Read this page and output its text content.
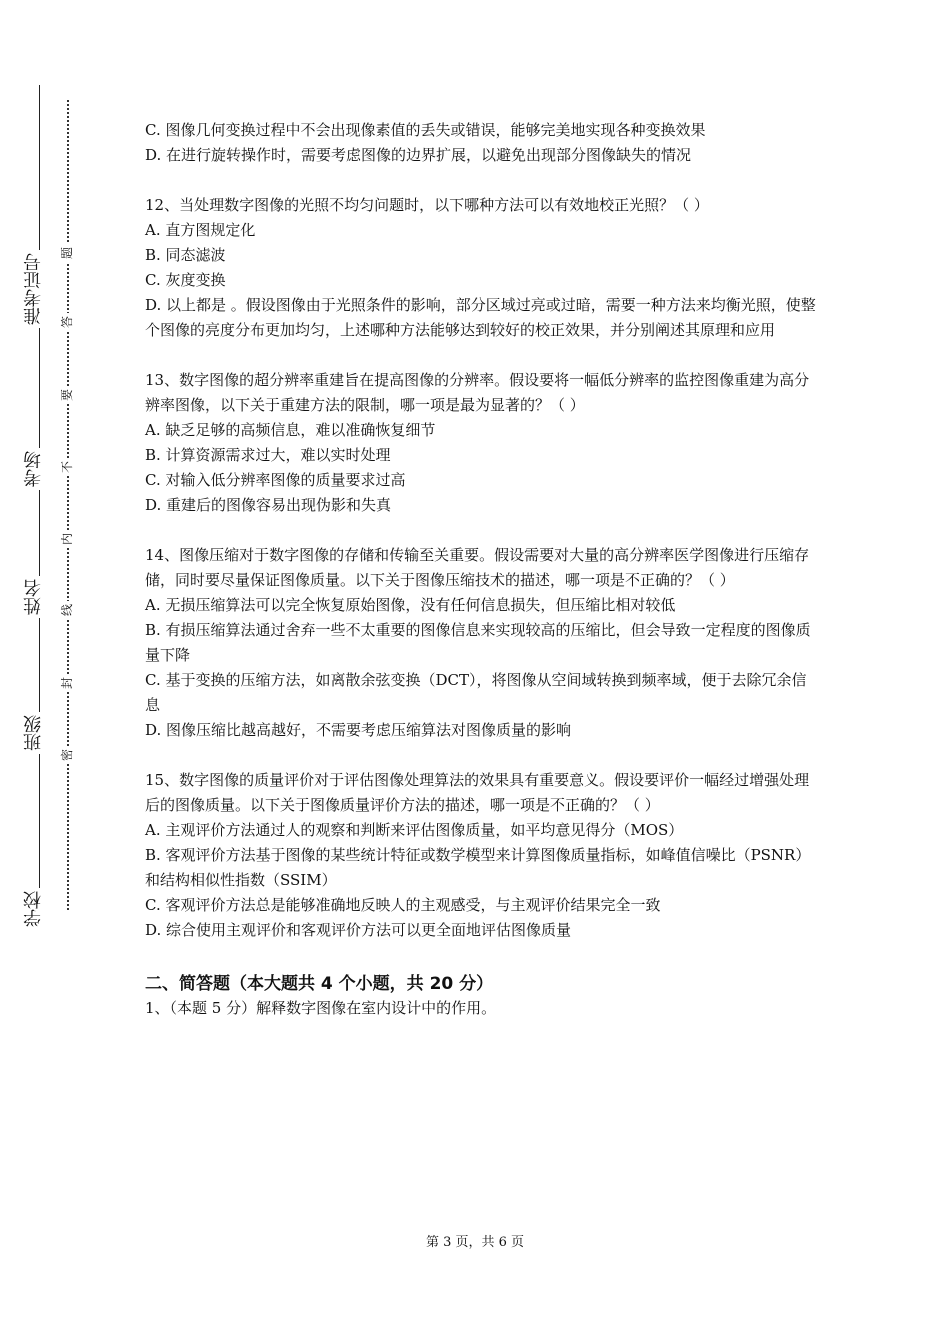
准考证号
考场
姓名
班级
学校
题
答
要
不
内
线
封
密
C. 图像几何变换过程中不会出现像素值的丢失或错误，能够完美地实现各种变换效果
D. 在进行旋转操作时，需要考虑图像的边界扩展，以避免出现部分图像缺失的情况
12、当处理数字图像的光照不均匀问题时，以下哪种方法可以有效地校正光照？（ ）
A. 直方图规定化
B. 同态滤波
C. 灰度变换
D. 以上都是 。假设图像由于光照条件的影响，部分区域过亮或过暗，需要一种方法来均衡光照，使整个图像的亮度分布更加均匀，上述哪种方法能够达到较好的校正效果，并分别阐述其原理和应用
13、数字图像的超分辨率重建旨在提高图像的分辨率。假设要将一幅低分辨率的监控图像重建为高分辨率图像，以下关于重建方法的限制，哪一项是最为显著的？（ ）
A. 缺乏足够的高频信息，难以准确恢复细节
B. 计算资源需求过大，难以实时处理
C. 对输入低分辨率图像的质量要求过高
D. 重建后的图像容易出现伪影和失真
14、图像压缩对于数字图像的存储和传输至关重要。假设需要对大量的高分辨率医学图像进行压缩存储，同时要尽量保证图像质量。以下关于图像压缩技术的描述，哪一项是不正确的？（ ）
A. 无损压缩算法可以完全恢复原始图像，没有任何信息损失，但压缩比相对较低
B. 有损压缩算法通过舍弃一些不太重要的图像信息来实现较高的压缩比，但会导致一定程度的图像质量下降
C. 基于变换的压缩方法，如离散余弦变换（DCT），将图像从空间域转换到频率域，便于去除冗余信息
D. 图像压缩比越高越好，不需要考虑压缩算法对图像质量的影响
15、数字图像的质量评价对于评估图像处理算法的效果具有重要意义。假设要评价一幅经过增强处理后的图像质量。以下关于图像质量评价方法的描述，哪一项是不正确的？（ ）
A. 主观评价方法通过人的观察和判断来评估图像质量，如平均意见得分（MOS）
B. 客观评价方法基于图像的某些统计特征或数学模型来计算图像质量指标，如峰值信噪比（PSNR）和结构相似性指数（SSIM）
C. 客观评价方法总是能够准确地反映人的主观感受，与主观评价结果完全一致
D. 综合使用主观评价和客观评价方法可以更全面地评估图像质量
二、简答题（本大题共 4 个小题，共 20 分）
1、（本题 5 分）解释数字图像在室内设计中的作用。
第 3 页，共 6 页
